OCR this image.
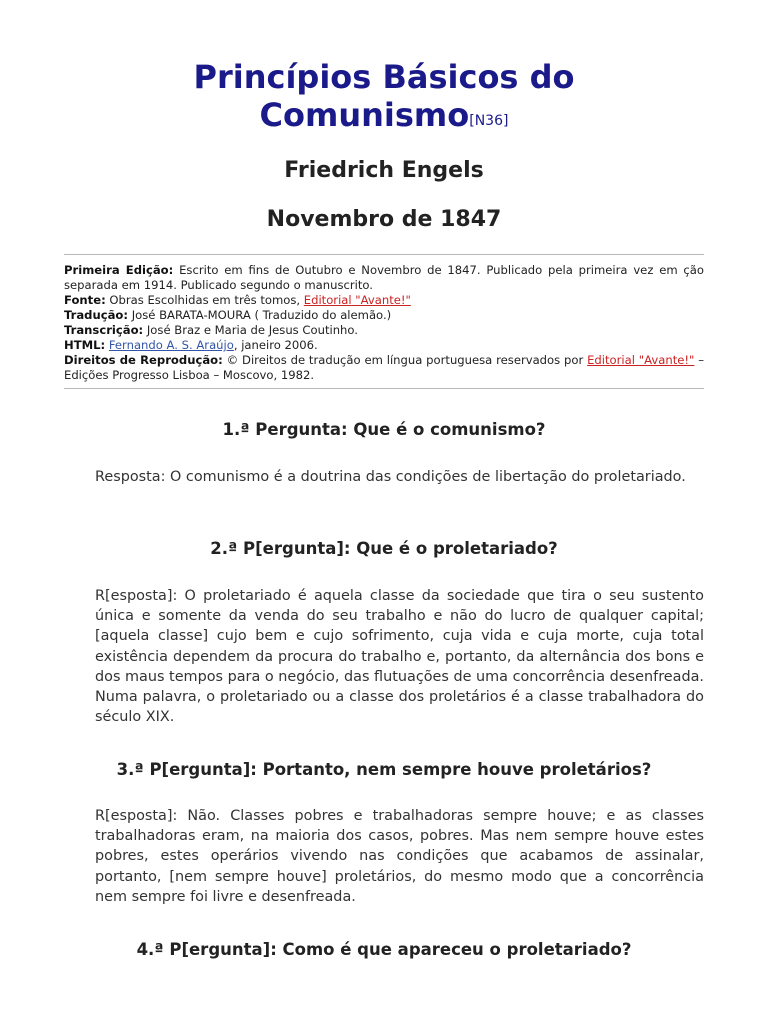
Princípios Básicos do
Comunismo[N36]
Friedrich Engels
Novembro de 1847
Primeira Edição: Escrito em fins de Outubro e Novembro de 1847. Publicado pela primeira vez em ção separada em 1914. Publicado segundo o manuscrito.
Fonte: Obras Escolhidas em três tomos, Editorial "Avante!"
Tradução: José BARATA-MOURA ( Traduzido do alemão.)
Transcrição: José Braz e Maria de Jesus Coutinho.
HTML: Fernando A. S. Araújo, janeiro 2006.
Direitos de Reprodução: © Direitos de tradução em língua portuguesa reservados por Editorial "Avante!" – Edições Progresso Lisboa – Moscovo, 1982.
1.ª Pergunta: Que é o comunismo?

Resposta: O comunismo é a doutrina das condições de libertação do proletariado.

2.ª P[ergunta]: Que é o proletariado?

R[esposta]: O proletariado é aquela classe da sociedade que tira o seu sustento única e somente da venda do seu trabalho e não do lucro de qualquer capital; [aquela classe] cujo bem e cujo sofrimento, cuja vida e cuja morte, cuja total existência dependem da procura do trabalho e, portanto, da alternância dos bons e dos maus tempos para o negócio, das flutuações de uma concorrência desenfreada. Numa palavra, o proletariado ou a classe dos proletários é a classe trabalhadora do século XIX.

3.ª P[ergunta]: Portanto, nem sempre houve proletários?

R[esposta]: Não. Classes pobres e trabalhadoras sempre houve; e as classes trabalhadoras eram, na maioria dos casos, pobres. Mas nem sempre houve estes pobres, estes operários vivendo nas condições que acabamos de assinalar, portanto, [nem sempre houve] proletários, do mesmo modo que a concorrência nem sempre foi livre e desenfreada.

4.ª P[ergunta]: Como é que apareceu o proletariado?
